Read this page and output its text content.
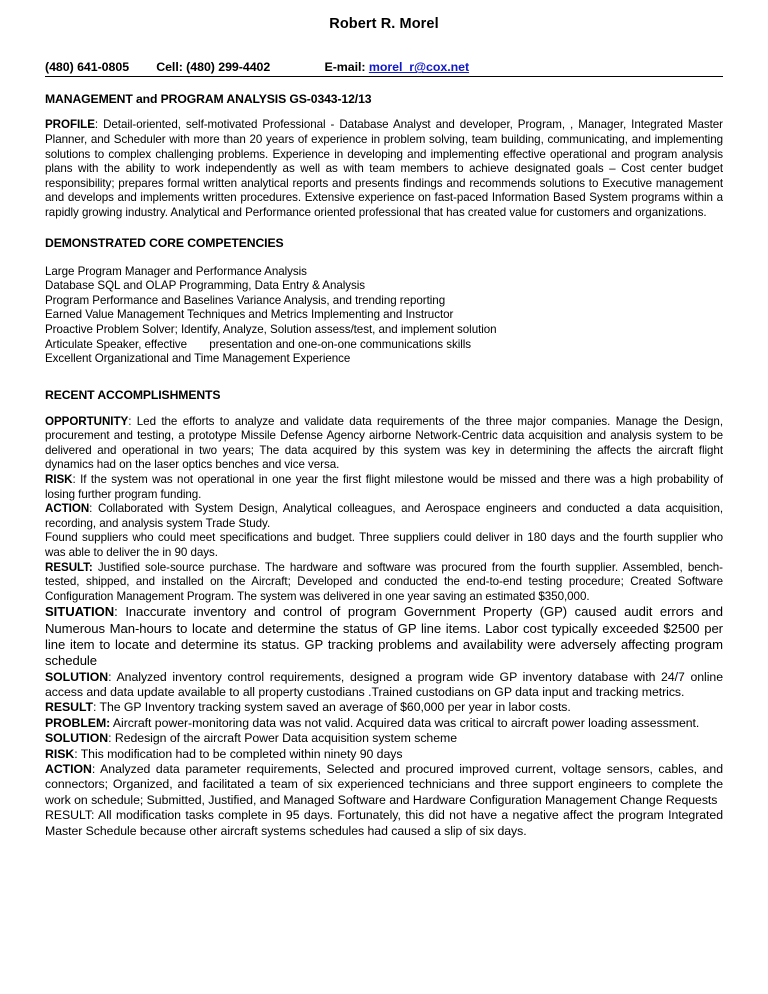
Robert R. Morel
(480) 641-0805 Cell: (480) 299-4402	E-mail: morel_r@cox.net
MANAGEMENT and PROGRAM ANALYSIS GS-0343-12/13
PROFILE: Detail-oriented, self-motivated Professional - Database Analyst and developer, Program, , Manager, Integrated Master Planner, and Scheduler with more than 20 years of experience in problem solving, team building, communicating, and implementing solutions to complex challenging problems. Experience in developing and implementing effective operational and program analysis plans with the ability to work independently as well as with team members to achieve designated goals – Cost center budget responsibility; prepares formal written analytical reports and presents findings and recommends solutions to Executive management and develops and implements written procedures. Extensive experience on fast-paced Information Based System programs within a rapidly growing industry. Analytical and Performance oriented professional that has created value for customers and organizations.
DEMONSTRATED CORE COMPETENCIES
Large Program Manager and Performance Analysis
Database SQL and OLAP Programming, Data Entry & Analysis
Program Performance and Baselines Variance Analysis, and trending reporting
Earned Value Management Techniques and Metrics Implementing and Instructor
Proactive Problem Solver; Identify, Analyze, Solution assess/test, and implement solution
Articulate Speaker, effective       presentation and one-on-one communications skills
Excellent Organizational and Time Management Experience
RECENT ACCOMPLISHMENTS
OPPORTUNITY: Led the efforts to analyze and validate data requirements of the three major companies. Manage the Design, procurement and testing, a prototype Missile Defense Agency airborne Network-Centric data acquisition and analysis system to be delivered and operational in two years; The data acquired by this system was key in determining the affects the aircraft flight dynamics had on the laser optics benches and vice versa.
RISK: If the system was not operational in one year the first flight milestone would be missed and there was a high probability of losing further program funding.
ACTION: Collaborated with System Design, Analytical colleagues, and Aerospace engineers and conducted a data acquisition, recording, and analysis system Trade Study.
Found suppliers who could meet specifications and budget. Three suppliers could deliver in 180 days and the fourth supplier who was able to deliver the in 90 days.
RESULT: Justified sole-source purchase. The hardware and software was procured from the fourth supplier. Assembled, bench-tested, shipped, and installed on the Aircraft; Developed and conducted the end-to-end testing procedure; Created Software Configuration Management Program. The system was delivered in one year saving an estimated $350,000.
SITUATION: Inaccurate inventory and control of program Government Property (GP) caused audit errors and Numerous Man-hours to locate and determine the status of GP line items. Labor cost typically exceeded $2500 per line item to locate and determine its status. GP tracking problems and availability were adversely affecting program schedule
SOLUTION: Analyzed inventory control requirements, designed a program wide GP inventory database with 24/7 online access and data update available to all property custodians .Trained custodians on GP data input and tracking metrics.
RESULT: The GP Inventory tracking system saved an average of $60,000 per year in labor costs.
PROBLEM: Aircraft power-monitoring data was not valid. Acquired data was critical to aircraft power loading assessment.
SOLUTION: Redesign of the aircraft Power Data acquisition system scheme
RISK: This modification had to be completed within ninety 90 days
ACTION: Analyzed data parameter requirements, Selected and procured improved current, voltage sensors, cables, and connectors; Organized, and facilitated a team of six experienced technicians and three support engineers to complete the work on schedule; Submitted, Justified, and Managed Software and Hardware Configuration Management Change Requests
RESULT: All modification tasks complete in 95 days. Fortunately, this did not have a negative affect the program Integrated Master Schedule because other aircraft systems schedules had caused a slip of six days.
